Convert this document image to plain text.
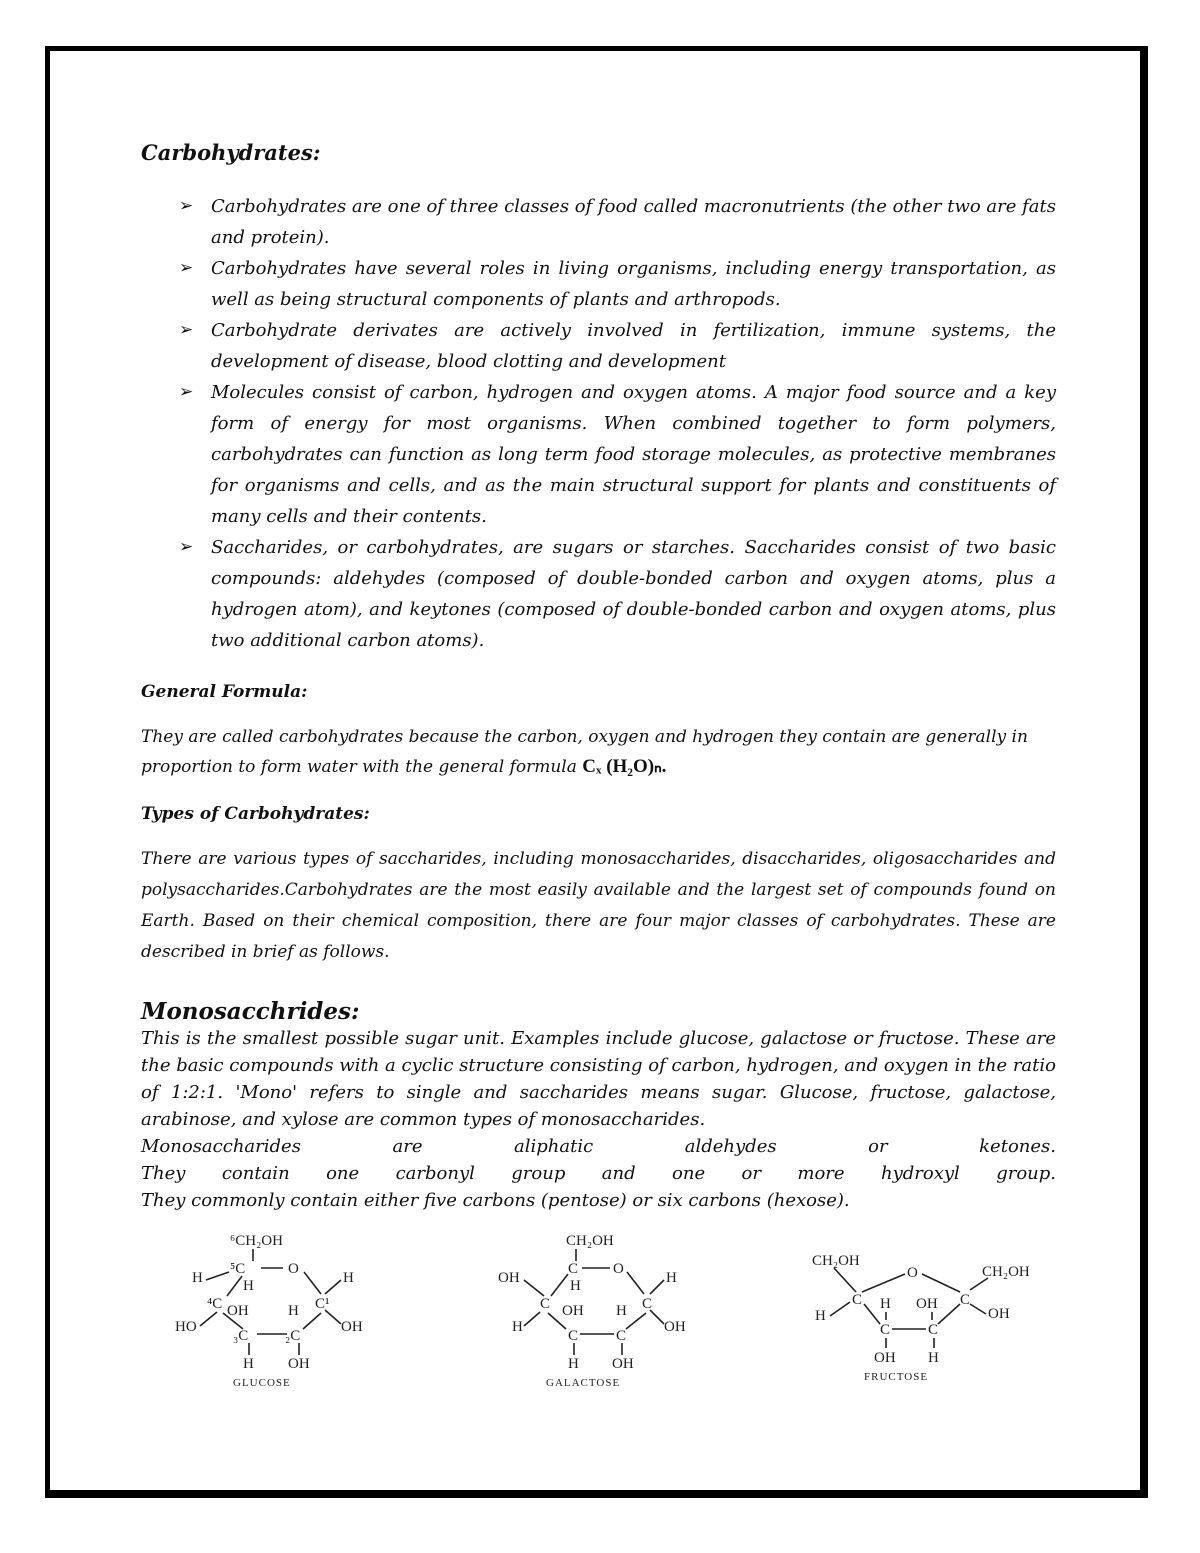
Carbohydrates:

➢ Carbohydrates are one of three classes of food called macronutrients (the other two are fats and protein).
➢ Carbohydrates have several roles in living organisms, including energy transportation, as well as being structural components of plants and arthropods.
➢ Carbohydrate derivates are actively involved in fertilization, immune systems, the development of disease, blood clotting and development
➢ Molecules consist of carbon, hydrogen and oxygen atoms. A major food source and a key form of energy for most organisms. When combined together to form polymers, carbohydrates can function as long term food storage molecules, as protective membranes for organisms and cells, and as the main structural support for plants and constituents of many cells and their contents.
➢ Saccharides, or carbohydrates, are sugars or starches. Saccharides consist of two basic compounds: aldehydes (composed of double-bonded carbon and oxygen atoms, plus a hydrogen atom), and keytones (composed of double-bonded carbon and oxygen atoms, plus two additional carbon atoms).

General Formula:

They are called carbohydrates because the carbon, oxygen and hydrogen they contain are generally in proportion to form water with the general formula Cₓ (H₂O)ₙ.

Types of Carbohydrates:

There are various types of saccharides, including monosaccharides, disaccharides, oligosaccharides and polysaccharides.Carbohydrates are the most easily available and the largest set of compounds found on Earth. Based on their chemical composition, there are four major classes of carbohydrates. These are described in brief as follows.

Monosacchrides:

This is the smallest possible sugar unit. Examples include glucose, galactose or fructose. These are the basic compounds with a cyclic structure consisting of carbon, hydrogen, and oxygen in the ratio of 1:2:1. 'Mono' refers to single and saccharides means sugar. Glucose, fructose, galactose, arabinose, and xylose are common types of monosaccharides.

Monosaccharides are aliphatic aldehydes or ketones.

They contain one carbonyl group and one or more hydroxyl group.

They commonly contain either five carbons (pentose) or six carbons (hexose).

⁶CH₂OH
⁵C	O
H	H	H
⁴C	C¹
OH	H
HO	OH
₃C ₂C
H OH
GLUCOSE
CH₂OH
C O
OH	H	H
C	C
OH H
H	OH
C	C
H OH
GALACTOSE
CH₂OH
O	CH₂OH
C	C
H
H OH
OH
C	C
OH H
FRUCTOSE
